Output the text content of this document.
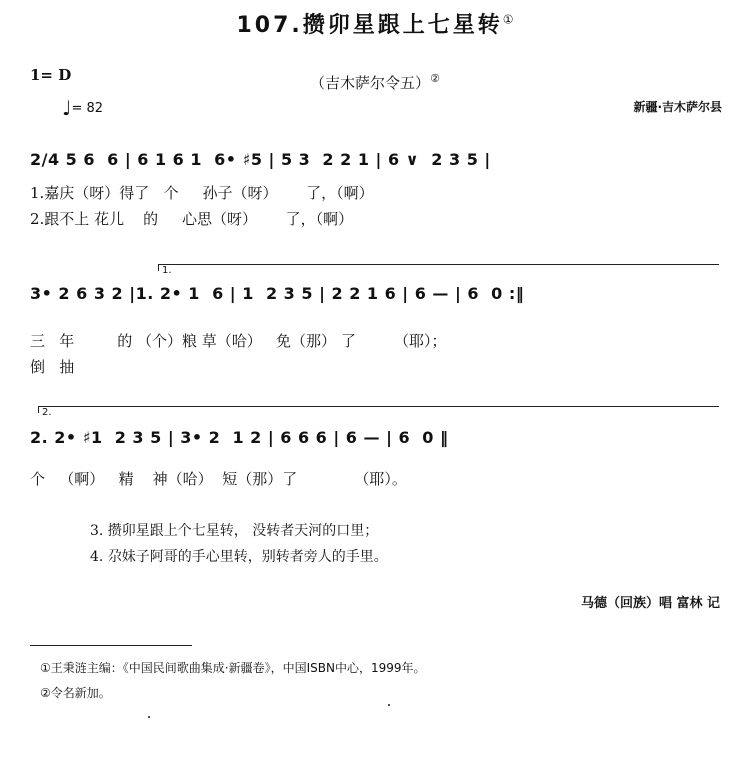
107.攒卯星跟上七星转①
1= D
♩= 82
（吉木萨尔令五）②
新疆·吉木萨尔县
2/4 5 6  6 | 6 1 6 1  6• ♯5 | 5 3  2 2 1 | 6 ∨  2 3 5 |
1.嘉庆（呀）得了   个     孙子（呀）      了，（啊）
2.跟不上 花儿    的     心思（呀）      了，（啊）
1.
3• 2 6 3 2 |1. 2• 1  6 | 1  2 3 5 | 2 2 1 6 | 6 — | 6  0 :‖
三   年         的 （个）粮 草（哈）   免（那） 了        （耶）；
倒   抽
2.
2. 2• ♯1  2 3 5 | 3• 2  1 2 | 6 6 6 | 6 — | 6  0 ‖
个   （啊）   精    神（哈）  短（那）了            （耶）。
3. 攒卯星跟上个七星转， 没转者天河的口里；
4. 尕妹子阿哥的手心里转，别转者旁人的手里。
马德（回族）唱 富林 记
①王秉涟主编：《中国民间歌曲集成·新疆卷》，中国ISBN中心，1999年。
②令名新加。
